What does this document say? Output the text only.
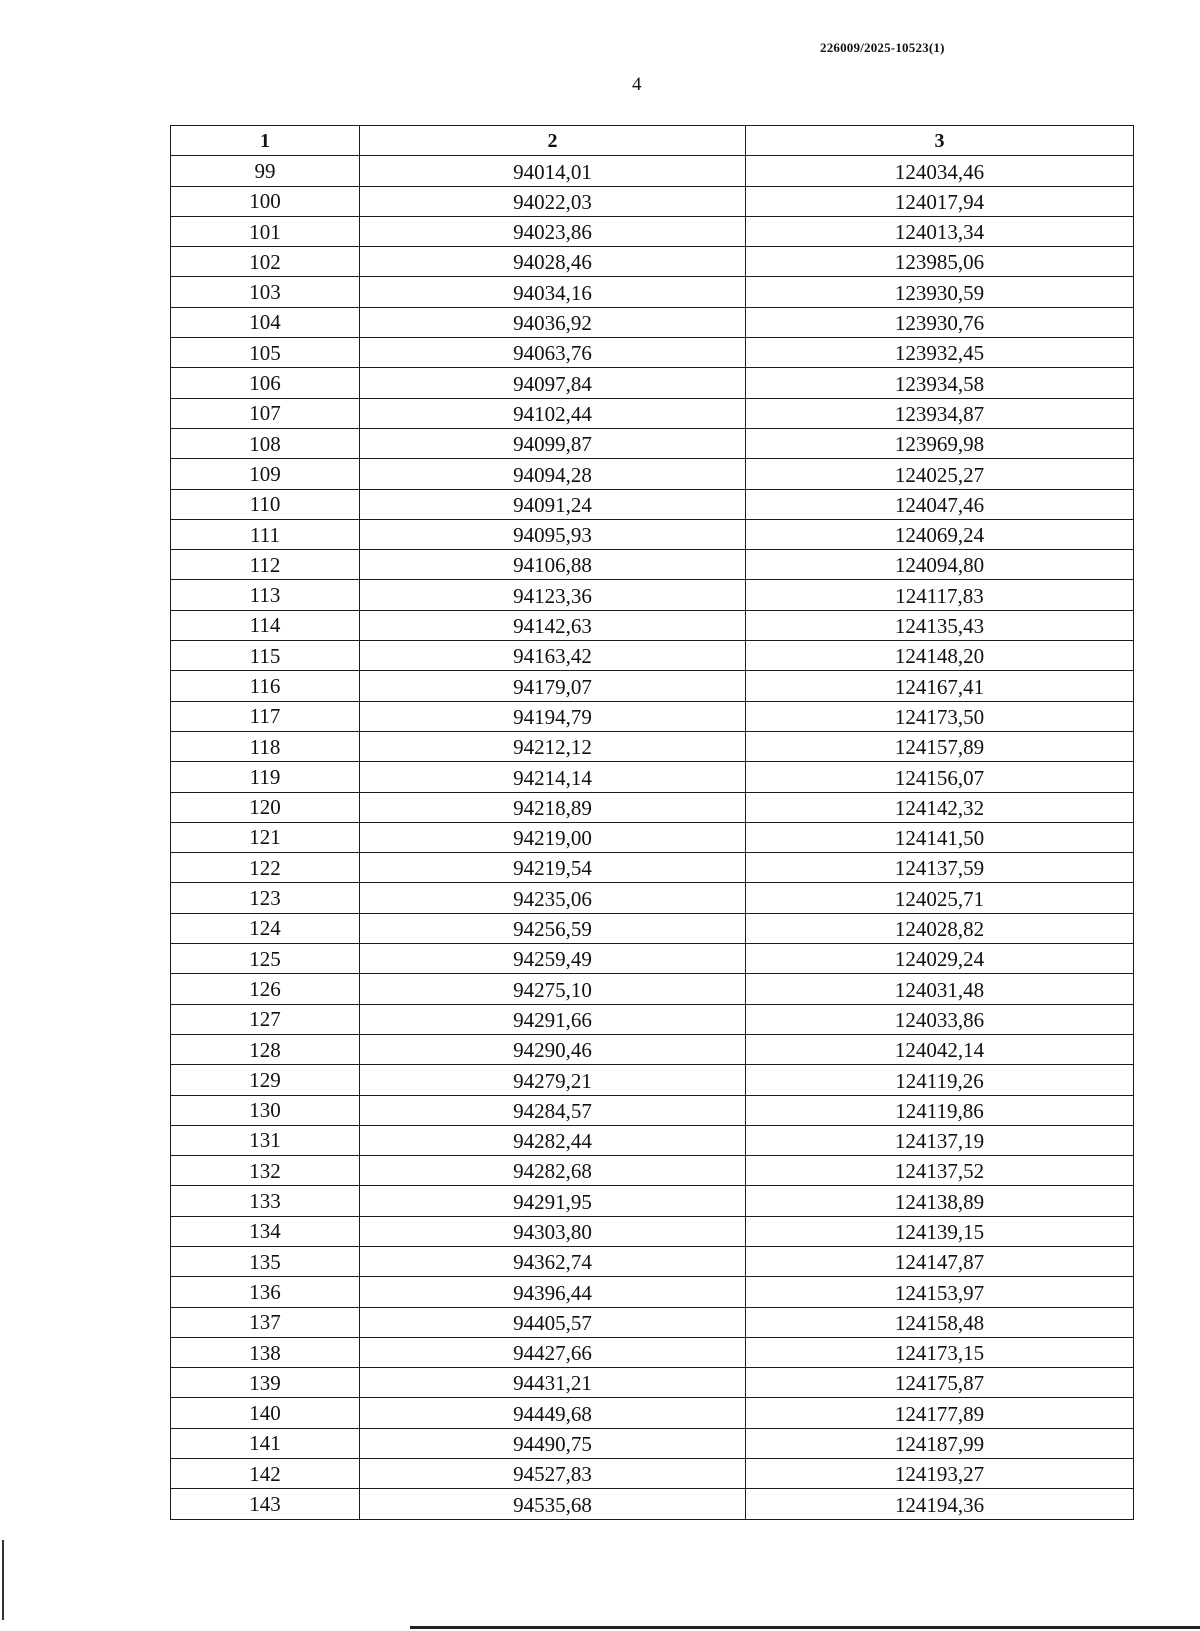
226009/2025-10523(1)
4
1	2	3
99	94014,01	124034,46
100	94022,03	124017,94
101	94023,86	124013,34
102	94028,46	123985,06
103	94034,16	123930,59
104	94036,92	123930,76
105	94063,76	123932,45
106	94097,84	123934,58
107	94102,44	123934,87
108	94099,87	123969,98
109	94094,28	124025,27
110	94091,24	124047,46
111	94095,93	124069,24
112	94106,88	124094,80
113	94123,36	124117,83
114	94142,63	124135,43
115	94163,42	124148,20
116	94179,07	124167,41
117	94194,79	124173,50
118	94212,12	124157,89
119	94214,14	124156,07
120	94218,89	124142,32
121	94219,00	124141,50
122	94219,54	124137,59
123	94235,06	124025,71
124	94256,59	124028,82
125	94259,49	124029,24
126	94275,10	124031,48
127	94291,66	124033,86
128	94290,46	124042,14
129	94279,21	124119,26
130	94284,57	124119,86
131	94282,44	124137,19
132	94282,68	124137,52
133	94291,95	124138,89
134	94303,80	124139,15
135	94362,74	124147,87
136	94396,44	124153,97
137	94405,57	124158,48
138	94427,66	124173,15
139	94431,21	124175,87
140	94449,68	124177,89
141	94490,75	124187,99
142	94527,83	124193,27
143	94535,68	124194,36
